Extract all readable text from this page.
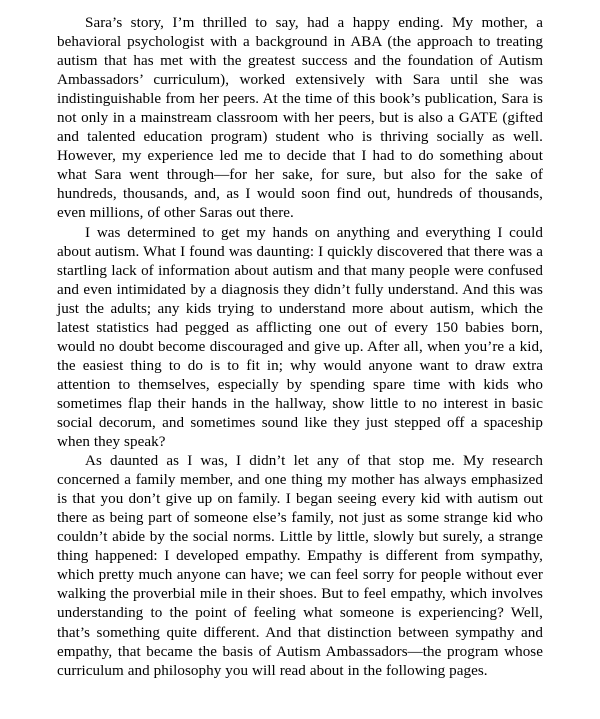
Sara’s story, I’m thrilled to say, had a happy ending. My mother, a behavioral psychologist with a background in ABA (the approach to treating autism that has met with the greatest success and the foundation of Autism Ambassadors’ curriculum), worked extensively with Sara until she was indistinguishable from her peers. At the time of this book’s publication, Sara is not only in a mainstream classroom with her peers, but is also a GATE (gifted and talented education program) student who is thriving socially as well. However, my experience led me to decide that I had to do something about what Sara went through—for her sake, for sure, but also for the sake of hundreds, thousands, and, as I would soon find out, hundreds of thousands, even millions, of other Saras out there.

I was determined to get my hands on anything and everything I could about autism. What I found was daunting: I quickly discovered that there was a startling lack of information about autism and that many people were confused and even intimidated by a diagnosis they didn’t fully understand. And this was just the adults; any kids trying to understand more about autism, which the latest statistics had pegged as afflicting one out of every 150 babies born, would no doubt become discouraged and give up. After all, when you’re a kid, the easiest thing to do is to fit in; why would anyone want to draw extra attention to themselves, especially by spending spare time with kids who sometimes flap their hands in the hallway, show little to no interest in basic social decorum, and sometimes sound like they just stepped off a spaceship when they speak?

As daunted as I was, I didn’t let any of that stop me. My research concerned a family member, and one thing my mother has always emphasized is that you don’t give up on family. I began seeing every kid with autism out there as being part of someone else’s family, not just as some strange kid who couldn’t abide by the social norms. Little by little, slowly but surely, a strange thing happened: I developed empathy. Empathy is different from sympathy, which pretty much anyone can have; we can feel sorry for people without ever walking the proverbial mile in their shoes. But to feel empathy, which involves understanding to the point of feeling what someone is experiencing? Well, that’s something quite different. And that distinction between sympathy and empathy, that became the basis of Autism Ambassadors—the program whose curriculum and philosophy you will read about in the following pages.
